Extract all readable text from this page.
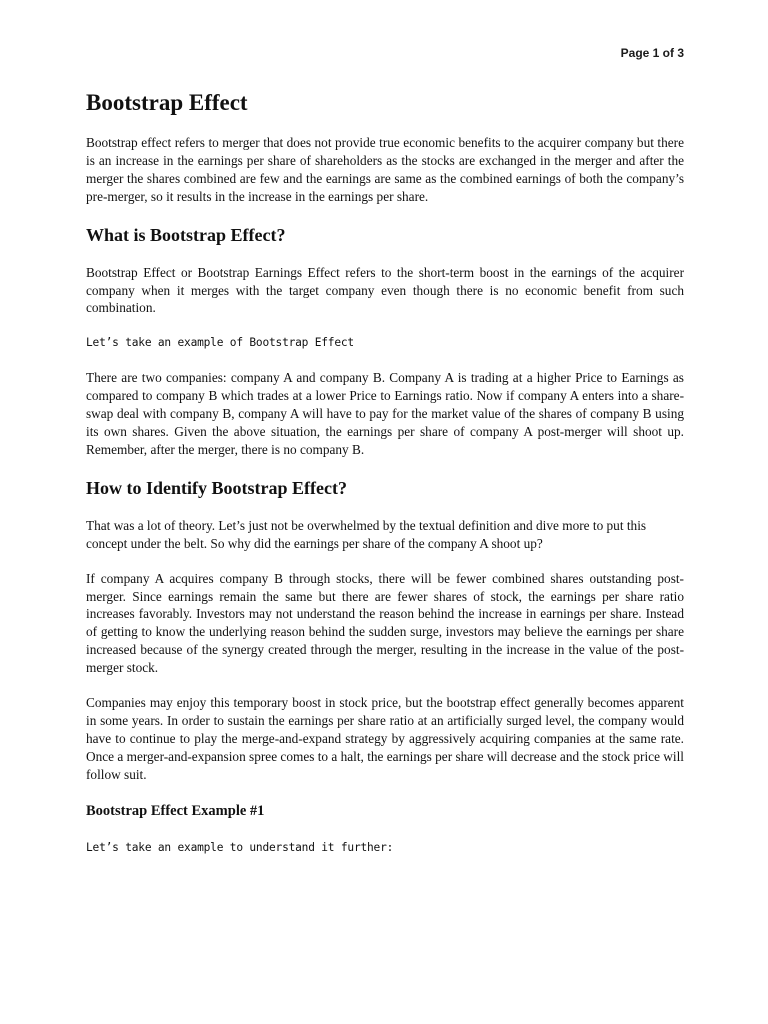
Page 1 of 3
Bootstrap Effect

Bootstrap effect refers to merger that does not provide true economic benefits to the acquirer company but there is an increase in the earnings per share of shareholders as the stocks are exchanged in the merger and after the merger the shares combined are few and the earnings are same as the combined earnings of both the company’s pre-merger, so it results in the increase in the earnings per share.

What is Bootstrap Effect?

Bootstrap Effect or Bootstrap Earnings Effect refers to the short-term boost in the earnings of the acquirer company when it merges with the target company even though there is no economic benefit from such combination.

Let’s take an example of Bootstrap Effect

There are two companies: company A and company B. Company A is trading at a higher Price to Earnings as compared to company B which trades at a lower Price to Earnings ratio. Now if company A enters into a share-swap deal with company B, company A will have to pay for the market value of the shares of company B using its own shares. Given the above situation, the earnings per share of company A post-merger will shoot up. Remember, after the merger, there is no company B.

How to Identify Bootstrap Effect?

That was a lot of theory. Let’s just not be overwhelmed by the textual definition and dive more to put this concept under the belt. So why did the earnings per share of the company A shoot up?

If company A acquires company B through stocks, there will be fewer combined shares outstanding post-merger. Since earnings remain the same but there are fewer shares of stock, the earnings per share ratio increases favorably. Investors may not understand the reason behind the increase in earnings per share. Instead of getting to know the underlying reason behind the sudden surge, investors may believe the earnings per share increased because of the synergy created through the merger, resulting in the increase in the value of the post-merger stock.

Companies may enjoy this temporary boost in stock price, but the bootstrap effect generally becomes apparent in some years. In order to sustain the earnings per share ratio at an artificially surged level, the company would have to continue to play the merge-and-expand strategy by aggressively acquiring companies at the same rate. Once a merger-and-expansion spree comes to a halt, the earnings per share will decrease and the stock price will follow suit.

Bootstrap Effect Example #1

Let’s take an example to understand it further:
